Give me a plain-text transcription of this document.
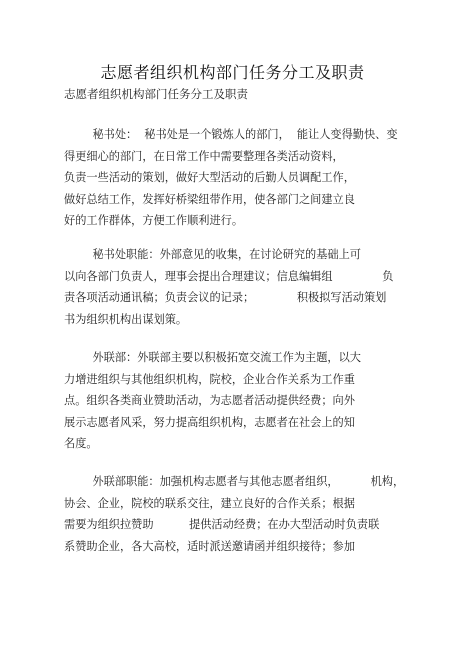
志愿者组织机构部门任务分工及职责
志愿者组织机构部门任务分工及职责
秘书处：  秘书处是一个锻炼人的部门，  能让人变得勤快、变
得更细心的部门，在日常工作中需要整理各类活动资料，
负责一些活动的策划，做好大型活动的后勤人员调配工作，
做好总结工作，发挥好桥梁纽带作用，使各部门之间建立良
好的工作群体，方便工作顺利进行。
秘书处职能：外部意见的收集，在讨论研究的基础上可
以向各部门负责人，理事会提出合理建议；信息编辑组              负
责各项活动通讯稿；负责会议的记录；            积极拟写活动策划
书为组织机构出谋划策。
外联部：外联部主要以积极拓宽交流工作为主题，以大
力增进组织与其他组织机构，院校，企业合作关系为工作重
点。组织各类商业赞助活动，为志愿者活动提供经费；向外
展示志愿者风采，努力提高组织机构，志愿者在社会上的知
名度。
外联部职能：加强机构志愿者与其他志愿者组织，         机构，
协会、企业，院校的联系交往，建立良好的合作关系；根据
需要为组织拉赞助          提供活动经费；在办大型活动时负责联
系赞助企业，各大高校，适时派送邀请函并组织接待；参加
